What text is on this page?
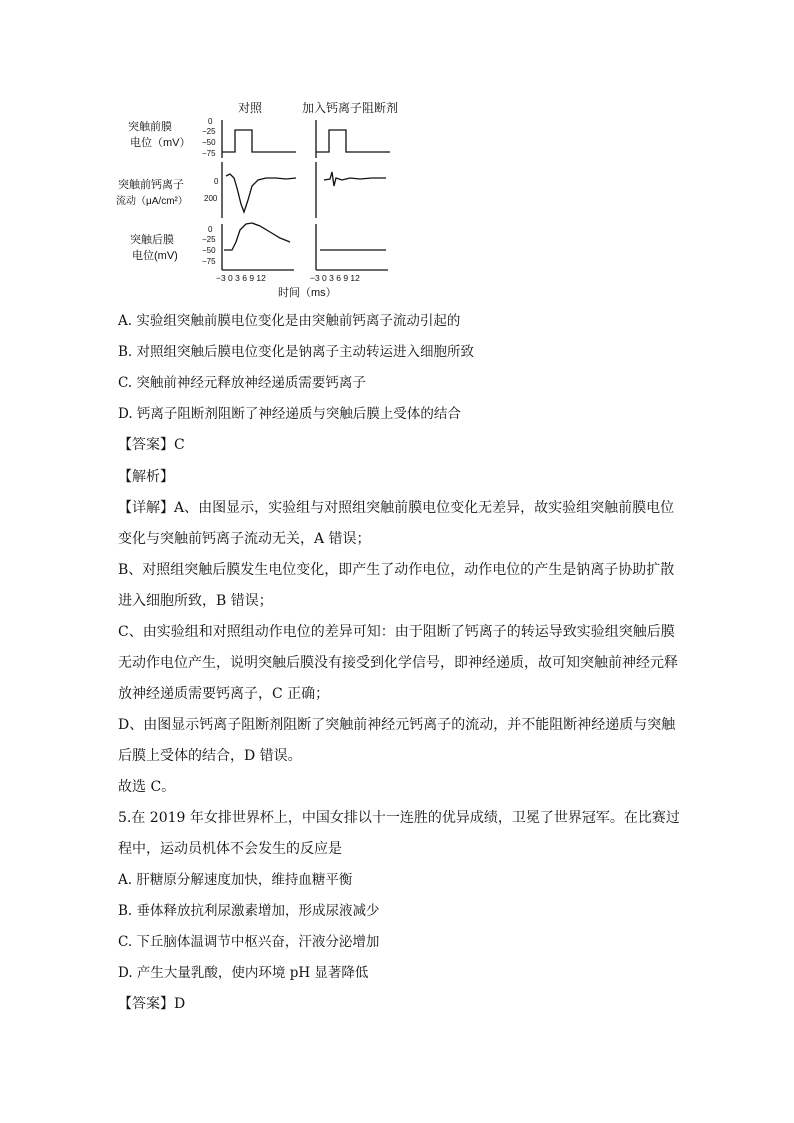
对照	加入钙离子阻断剂
突触前膜
电位（mV）
突触前钙离子
流动（μA/cm²）
突触后膜
电位(mV)
0
−25
−50
−75
0
200
0
−25
−50
−75
−3 0 3 6 9 12	−3 0 3 6 9 12
时间（ms）
A. 实验组突触前膜电位变化是由突触前钙离子流动引起的
B. 对照组突触后膜电位变化是钠离子主动转运进入细胞所致
C. 突触前神经元释放神经递质需要钙离子
D. 钙离子阻断剂阻断了神经递质与突触后膜上受体的结合
【答案】C
【解析】
【详解】A、由图显示，实验组与对照组突触前膜电位变化无差异，故实验组突触前膜电位
变化与突触前钙离子流动无关，A 错误；
B、对照组突触后膜发生电位变化，即产生了动作电位，动作电位的产生是钠离子协助扩散
进入细胞所致，B 错误；
C、由实验组和对照组动作电位的差异可知：由于阻断了钙离子的转运导致实验组突触后膜
无动作电位产生，说明突触后膜没有接受到化学信号，即神经递质，故可知突触前神经元释
放神经递质需要钙离子，C 正确；
D、由图显示钙离子阻断剂阻断了突触前神经元钙离子的流动，并不能阻断神经递质与突触
后膜上受体的结合，D 错误。
故选 C。
5.在 2019 年女排世界杯上，中国女排以十一连胜的优异成绩，卫冕了世界冠军。在比赛过
程中，运动员机体不会发生的反应是
A. 肝糖原分解速度加快，维持血糖平衡
B. 垂体释放抗利尿激素增加，形成尿液减少
C. 下丘脑体温调节中枢兴奋，汗液分泌增加
D. 产生大量乳酸，使内环境 pH 显著降低
【答案】D
